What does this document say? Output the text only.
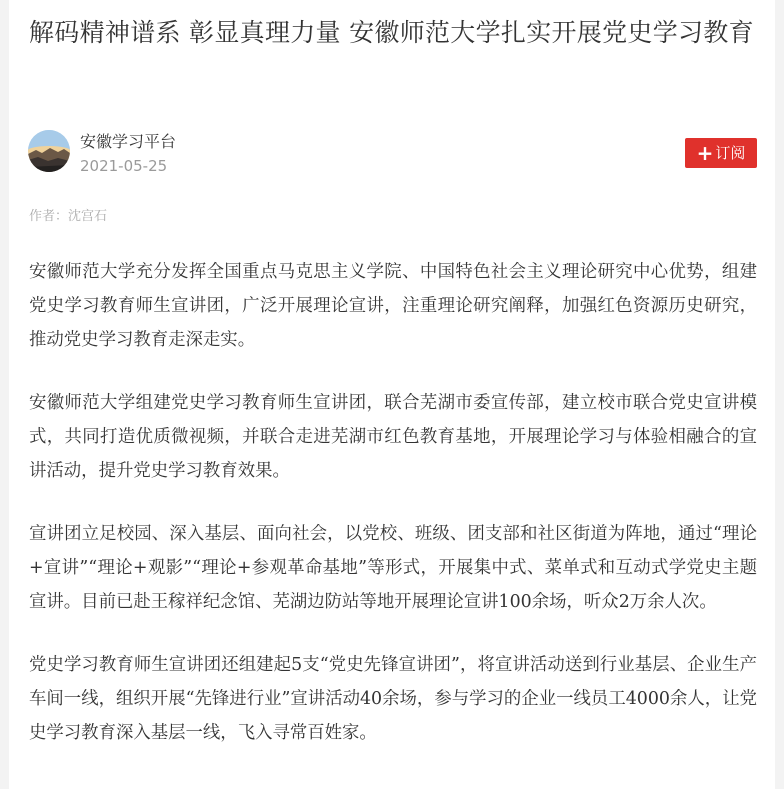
解码精神谱系 彰显真理力量 安徽师范大学扎实开展党史学习教育
安徽学习平台
2021-05-25
+ 订阅
作者：沈宫石

安徽师范大学充分发挥全国重点马克思主义学院、中国特色社会主义理论研究中心优势，组建党史学习教育师生宣讲团，广泛开展理论宣讲，注重理论研究阐释，加强红色资源历史研究，推动党史学习教育走深走实。

安徽师范大学组建党史学习教育师生宣讲团，联合芜湖市委宣传部，建立校市联合党史宣讲模式，共同打造优质微视频，并联合走进芜湖市红色教育基地，开展理论学习与体验相融合的宣讲活动，提升党史学习教育效果。

宣讲团立足校园、深入基层、面向社会，以党校、班级、团支部和社区街道为阵地，通过“理论+宣讲”“理论+观影”“理论+参观革命基地”等形式，开展集中式、菜单式和互动式学党史主题宣讲。目前已赴王稼祥纪念馆、芜湖边防站等地开展理论宣讲100余场，听众2万余人次。

党史学习教育师生宣讲团还组建起5支“党史先锋宣讲团”，将宣讲活动送到行业基层、企业生产车间一线，组织开展“先锋进行业”宣讲活动40余场，参与学习的企业一线员工4000余人，让党史学习教育深入基层一线，飞入寻常百姓家。
